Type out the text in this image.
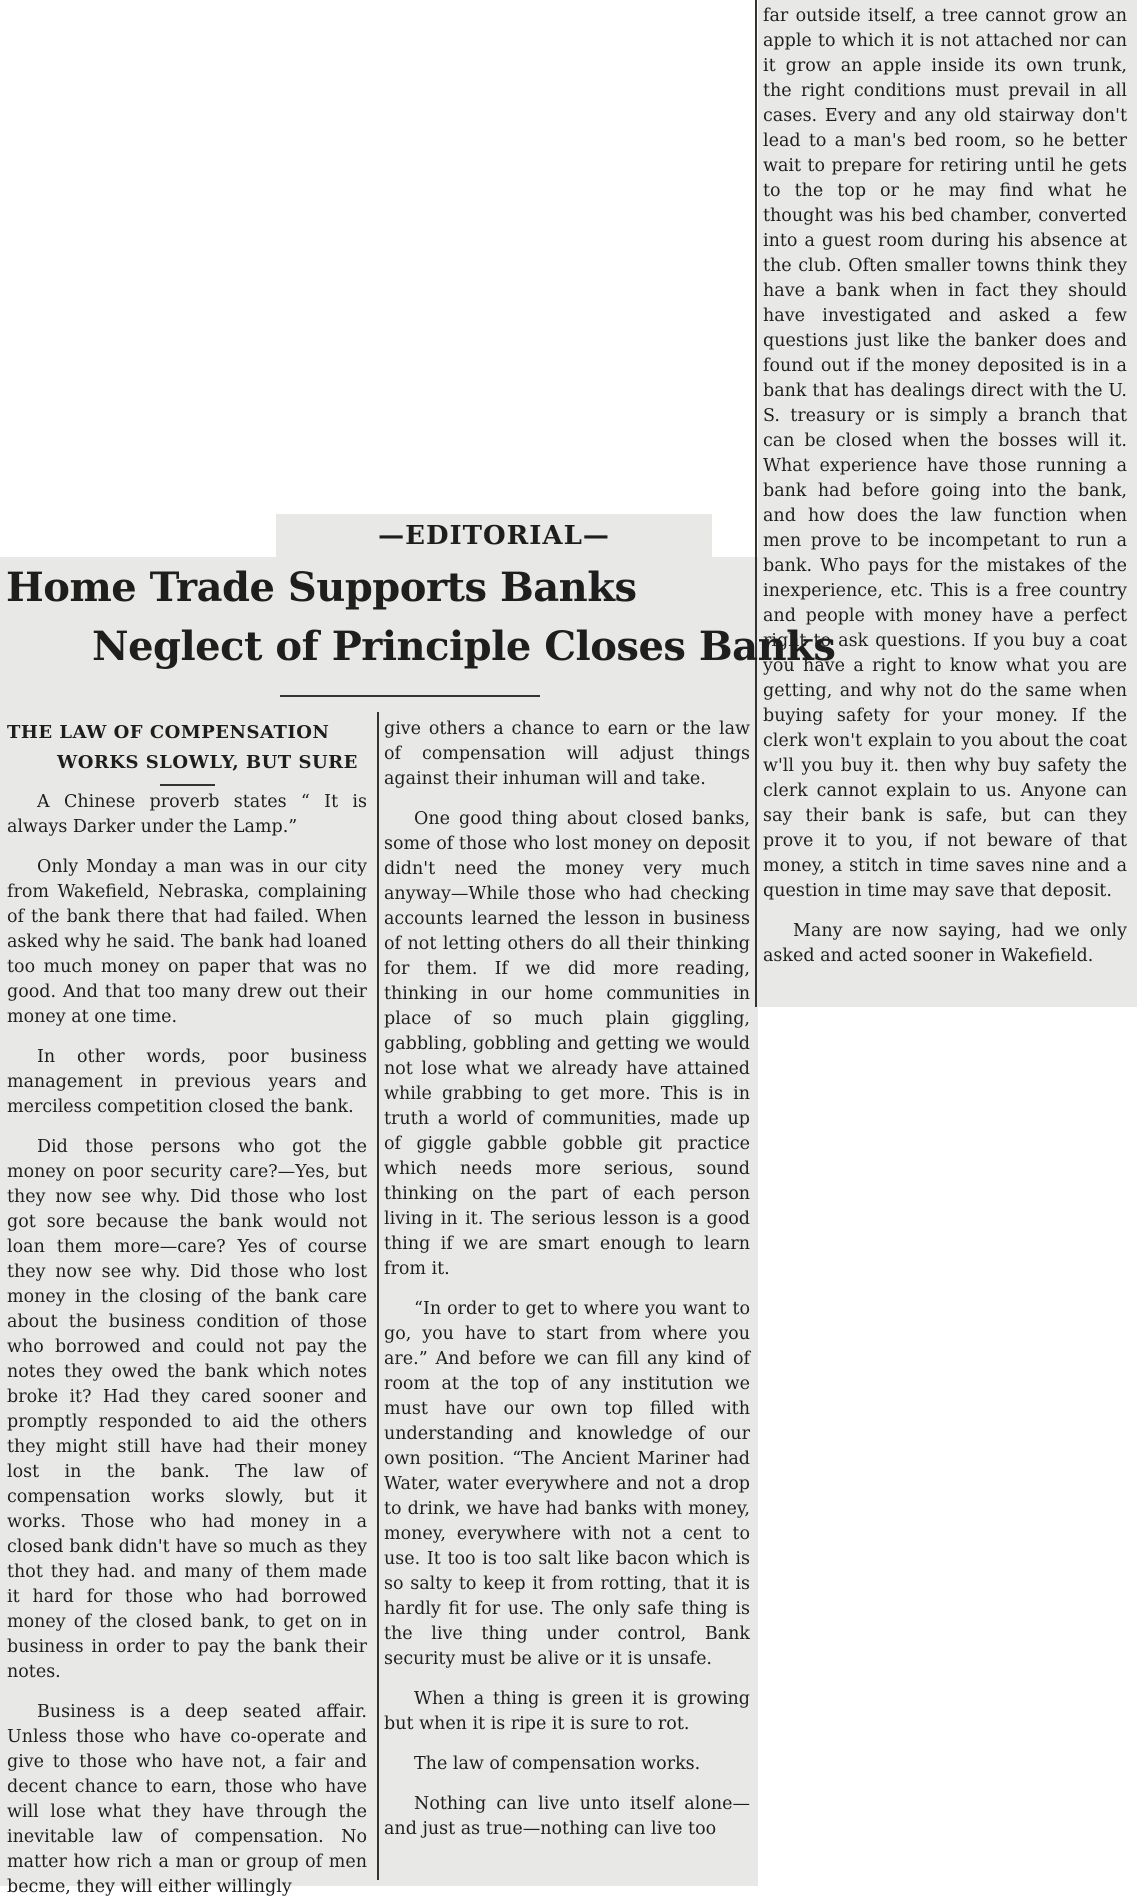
—EDITORIAL—
Home Trade Supports Banks
Neglect of Principle Closes Banks
THE LAW OF COMPENSATION
WORKS SLOWLY, BUT SURE

A Chinese proverb states “ It is always Darker under the Lamp.”

Only Monday a man was in our city from Wakefield, Nebraska, complaining of the bank there that had failed. When asked why he said. The bank had loaned too much money on paper that was no good. And that too many drew out their money at one time.

In other words, poor business management in previous years and merciless competition closed the bank.

Did those persons who got the money on poor security care?—Yes, but they now see why. Did those who lost got sore because the bank would not loan them more—care? Yes of course they now see why. Did those who lost money in the closing of the bank care about the business condition of those who borrowed and could not pay the notes they owed the bank which notes broke it? Had they cared sooner and promptly responded to aid the others they might still have had their money lost in the bank. The law of compensation works slowly, but it works. Those who had money in a closed bank didn't have so much as they thot they had. and many of them made it hard for those who had borrowed money of the closed bank, to get on in business in order to pay the bank their notes.

Business is a deep seated affair. Unless those who have co-operate and give to those who have not, a fair and decent chance to earn, those who have will lose what they have through the inevitable law of compensation. No matter how rich a man or group of men becme, they will either willingly

give others a chance to earn or the law of compensation will adjust things against their inhuman will and take.

One good thing about closed banks, some of those who lost money on deposit didn't need the money very much anyway—While those who had checking accounts learned the lesson in business of not letting others do all their thinking for them. If we did more reading, thinking in our home communities in place of so much plain giggling, gabbling, gobbling and getting we would not lose what we already have attained while grabbing to get more. This is in truth a world of communities, made up of giggle gabble gobble git practice which needs more serious, sound thinking on the part of each person living in it. The serious lesson is a good thing if we are smart enough to learn from it.

“In order to get to where you want to go, you have to start from where you are.” And before we can fill any kind of room at the top of any institution we must have our own top filled with understanding and knowledge of our own position. “The Ancient Mariner had Water, water everywhere and not a drop to drink, we have had banks with money, money, everywhere with not a cent to use. It too is too salt like bacon which is so salty to keep it from rotting, that it is hardly fit for use. The only safe thing is the live thing under control, Bank security must be alive or it is unsafe.

When a thing is green it is growing but when it is ripe it is sure to rot.

The law of compensation works.

Nothing can live unto itself alone—and just as true—nothing can live too

far outside itself, a tree cannot grow an apple to which it is not attached nor can it grow an apple inside its own trunk, the right conditions must prevail in all cases. Every and any old stairway don't lead to a man's bed room, so he better wait to prepare for retiring until he gets to the top or he may find what he thought was his bed chamber, converted into a guest room during his absence at the club. Often smaller towns think they have a bank when in fact they should have investigated and asked a few questions just like the banker does and found out if the money deposited is in a bank that has dealings direct with the U. S. treasury or is simply a branch that can be closed when the bosses will it. What experience have those running a bank had before going into the bank, and how does the law function when men prove to be incompetant to run a bank. Who pays for the mistakes of the inexperience, etc. This is a free country and people with money have a perfect right to ask questions. If you buy a coat you have a right to know what you are getting, and why not do the same when buying safety for your money. If the clerk won't explain to you about the coat w'll you buy it. then why buy safety the clerk cannot explain to us. Anyone can say their bank is safe, but can they prove it to you, if not beware of that money, a stitch in time saves nine and a question in time may save that deposit.

Many are now saying, had we only asked and acted sooner in Wakefield.
